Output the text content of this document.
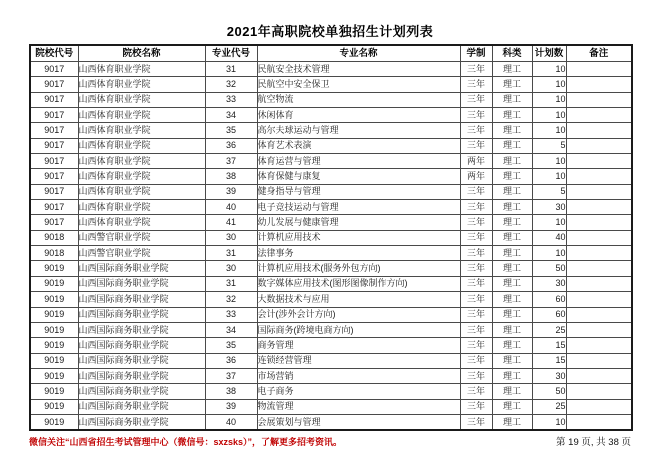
2021年高职院校单独招生计划列表
院校代号	院校名称	专业代号	专业名称	学制	科类	计划数	备注
9017	山西体育职业学院	31	民航安全技术管理	三年	理工	10	
9017	山西体育职业学院	32	民航空中安全保卫	三年	理工	10	
9017	山西体育职业学院	33	航空物流	三年	理工	10	
9017	山西体育职业学院	34	休闲体育	三年	理工	10	
9017	山西体育职业学院	35	高尔夫球运动与管理	三年	理工	10	
9017	山西体育职业学院	36	体育艺术表演	三年	理工	5	
9017	山西体育职业学院	37	体育运营与管理	两年	理工	10	
9017	山西体育职业学院	38	体育保健与康复	两年	理工	10	
9017	山西体育职业学院	39	健身指导与管理	三年	理工	5	
9017	山西体育职业学院	40	电子竞技运动与管理	三年	理工	30	
9017	山西体育职业学院	41	幼儿发展与健康管理	三年	理工	10	
9018	山西警官职业学院	30	计算机应用技术	三年	理工	40	
9018	山西警官职业学院	31	法律事务	三年	理工	10	
9019	山西国际商务职业学院	30	计算机应用技术(服务外包方向)	三年	理工	50	
9019	山西国际商务职业学院	31	数字媒体应用技术(图形图像制作方向)	三年	理工	30	
9019	山西国际商务职业学院	32	大数据技术与应用	三年	理工	60	
9019	山西国际商务职业学院	33	会计(涉外会计方向)	三年	理工	60	
9019	山西国际商务职业学院	34	国际商务(跨境电商方向)	三年	理工	25	
9019	山西国际商务职业学院	35	商务管理	三年	理工	15	
9019	山西国际商务职业学院	36	连锁经营管理	三年	理工	15	
9019	山西国际商务职业学院	37	市场营销	三年	理工	30	
9019	山西国际商务职业学院	38	电子商务	三年	理工	50	
9019	山西国际商务职业学院	39	物流管理	三年	理工	25	
9019	山西国际商务职业学院	40	会展策划与管理	三年	理工	10	
微信关注“山西省招生考试管理中心（微信号：sxzsks）”，了解更多招考资讯。	第 19 页, 共 38 页
